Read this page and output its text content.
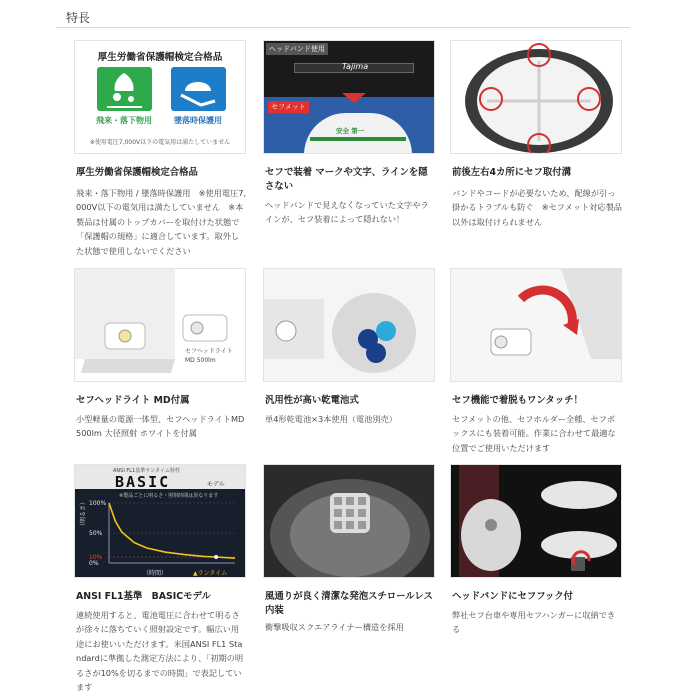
特長
厚生労働省保護帽検定合格品
飛来・落下物用	墜落時保護用
※使用電圧7,000V以下の電気用は満たしていません
厚生労働省保護帽検定合格品
飛来・落下物用 / 墜落時保護用　※使用電圧7,000V以下の電気用は満たしていません　※本製品は付属のトップカバーを取付けた状態で「保護帽の規格」に適合しています。取外した状態で使用しないでください
Tajima
ヘッドバンド使用
安全 第一
セフメット
セフで装着 マークや文字、ラインを隠さない
ヘッドバンドで見えなくなっていた文字やラインが、セフ装着によって隠れない！
前後左右4カ所にセフ取付溝
バンドやコードが必要ないため、配線が引っ掛かるトラブルも防ぐ　※セフメット対応製品以外は取付けられません
セフヘッドライト
MD 500lm
セフヘッドライト MD付属
小型軽量の電源一体型、セフヘッドライトMD 500lm 大径照射 ホワイトを付属
汎用性が高い乾電池式
単4形乾電池×3本使用（電池別売）
セフ機能で着脱もワンタッチ！
セフメットの他、セフホルダー全種、セフボックスにも装着可能。作業に合わせて最適な位置でご使用いただけます
ANSI FL1基準ランタイム特性
BASIC	モデル
※製品ごとに明るさ・照射時間は異なります
（明るさ） 100%
50%
10%
0%
（時間）	▲ランタイム
ANSI FL1基準　BASICモデル
連続使用すると、電池電圧に合わせて明るさが徐々に落ちていく照射設定です。幅広い用途にお使いいただけます。米国ANSI FL1 Standardに準拠した測定方法により、「初期の明るさが10%を切るまでの時間」で表記しています
風通りが良く清潔な発泡スチロールレス内装
衝撃吸収スクエアライナー構造を採用
ヘッドバンドにセフフック付
弊社セフ台車や専用セフハンガーに収納できる
